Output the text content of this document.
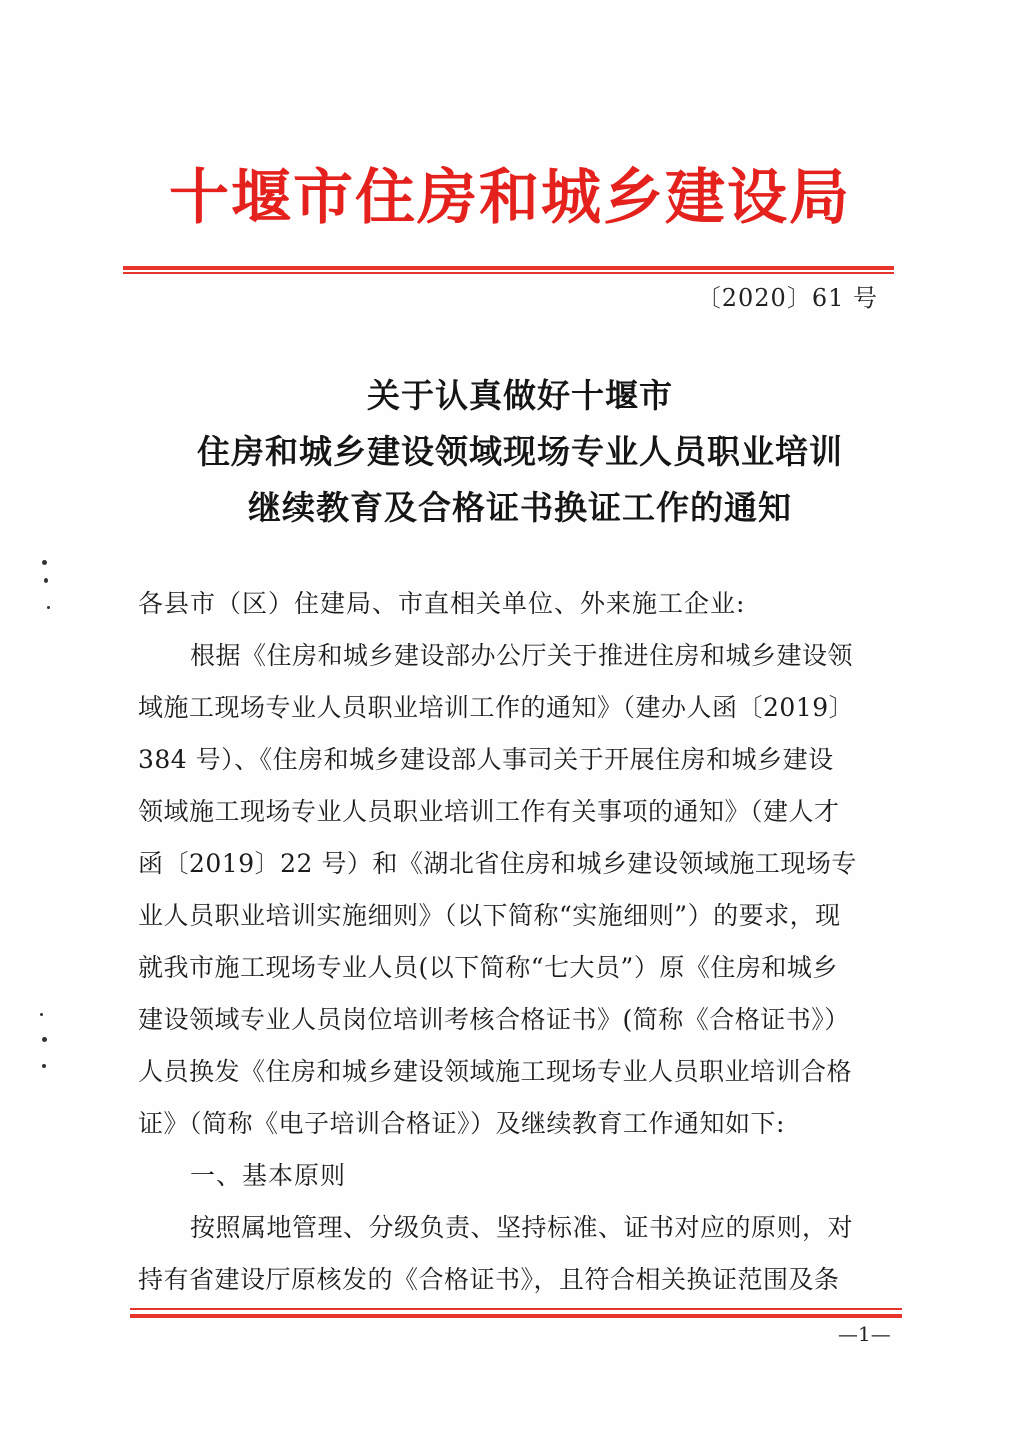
十堰市住房和城乡建设局
〔2020〕61 号
关于认真做好十堰市
住房和城乡建设领域现场专业人员职业培训
继续教育及合格证书换证工作的通知
各县市（区）住建局、市直相关单位、外来施工企业:
根据《住房和城乡建设部办公厅关于推进住房和城乡建设领
域施工现场专业人员职业培训工作的通知》（建办人函〔2019〕
384 号）、《住房和城乡建设部人事司关于开展住房和城乡建设
领域施工现场专业人员职业培训工作有关事项的通知》（建人才
函〔2019〕22 号）和《湖北省住房和城乡建设领域施工现场专
业人员职业培训实施细则》（以下简称“实施细则”）的要求，现
就我市施工现场专业人员(以下简称“七大员”）原《住房和城乡
建设领域专业人员岗位培训考核合格证书》(简称《合格证书》）
人员换发《住房和城乡建设领域施工现场专业人员职业培训合格
证》（简称《电子培训合格证》）及继续教育工作通知如下:
一、基本原则
按照属地管理、分级负责、坚持标准、证书对应的原则，对
持有省建设厅原核发的《合格证书》，且符合相关换证范围及条
—1—
